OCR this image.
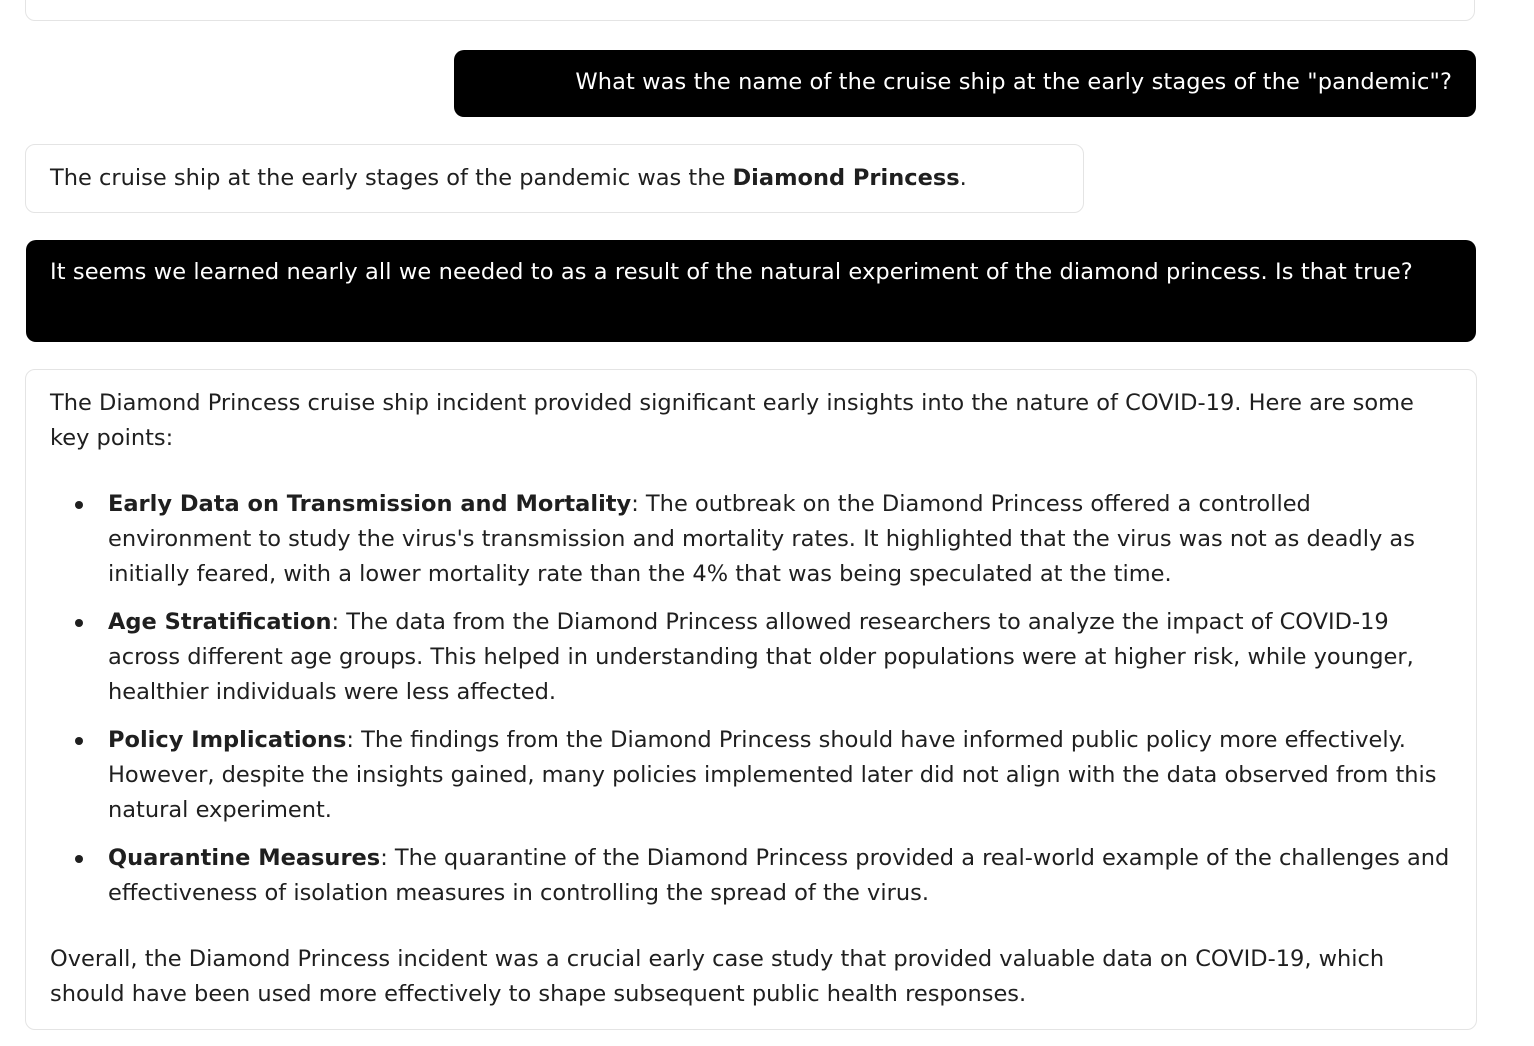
What was the name of the cruise ship at the early stages of the "pandemic"?
The cruise ship at the early stages of the pandemic was the Diamond Princess.
It seems we learned nearly all we needed to as a result of the natural experiment of the diamond princess. Is that true?

The Diamond Princess cruise ship incident provided significant early insights into the nature of COVID-19. Here are some key points:

Early Data on Transmission and Mortality: The outbreak on the Diamond Princess offered a controlled environment to study the virus's transmission and mortality rates. It highlighted that the virus was not as deadly as initially feared, with a lower mortality rate than the 4% that was being speculated at the time.
Age Stratification: The data from the Diamond Princess allowed researchers to analyze the impact of COVID-19 across different age groups. This helped in understanding that older populations were at higher risk, while younger, healthier individuals were less affected.
Policy Implications: The findings from the Diamond Princess should have informed public policy more effectively. However, despite the insights gained, many policies implemented later did not align with the data observed from this natural experiment.
Quarantine Measures: The quarantine of the Diamond Princess provided a real-world example of the challenges and effectiveness of isolation measures in controlling the spread of the virus.

Overall, the Diamond Princess incident was a crucial early case study that provided valuable data on COVID-19, which should have been used more effectively to shape subsequent public health responses.
